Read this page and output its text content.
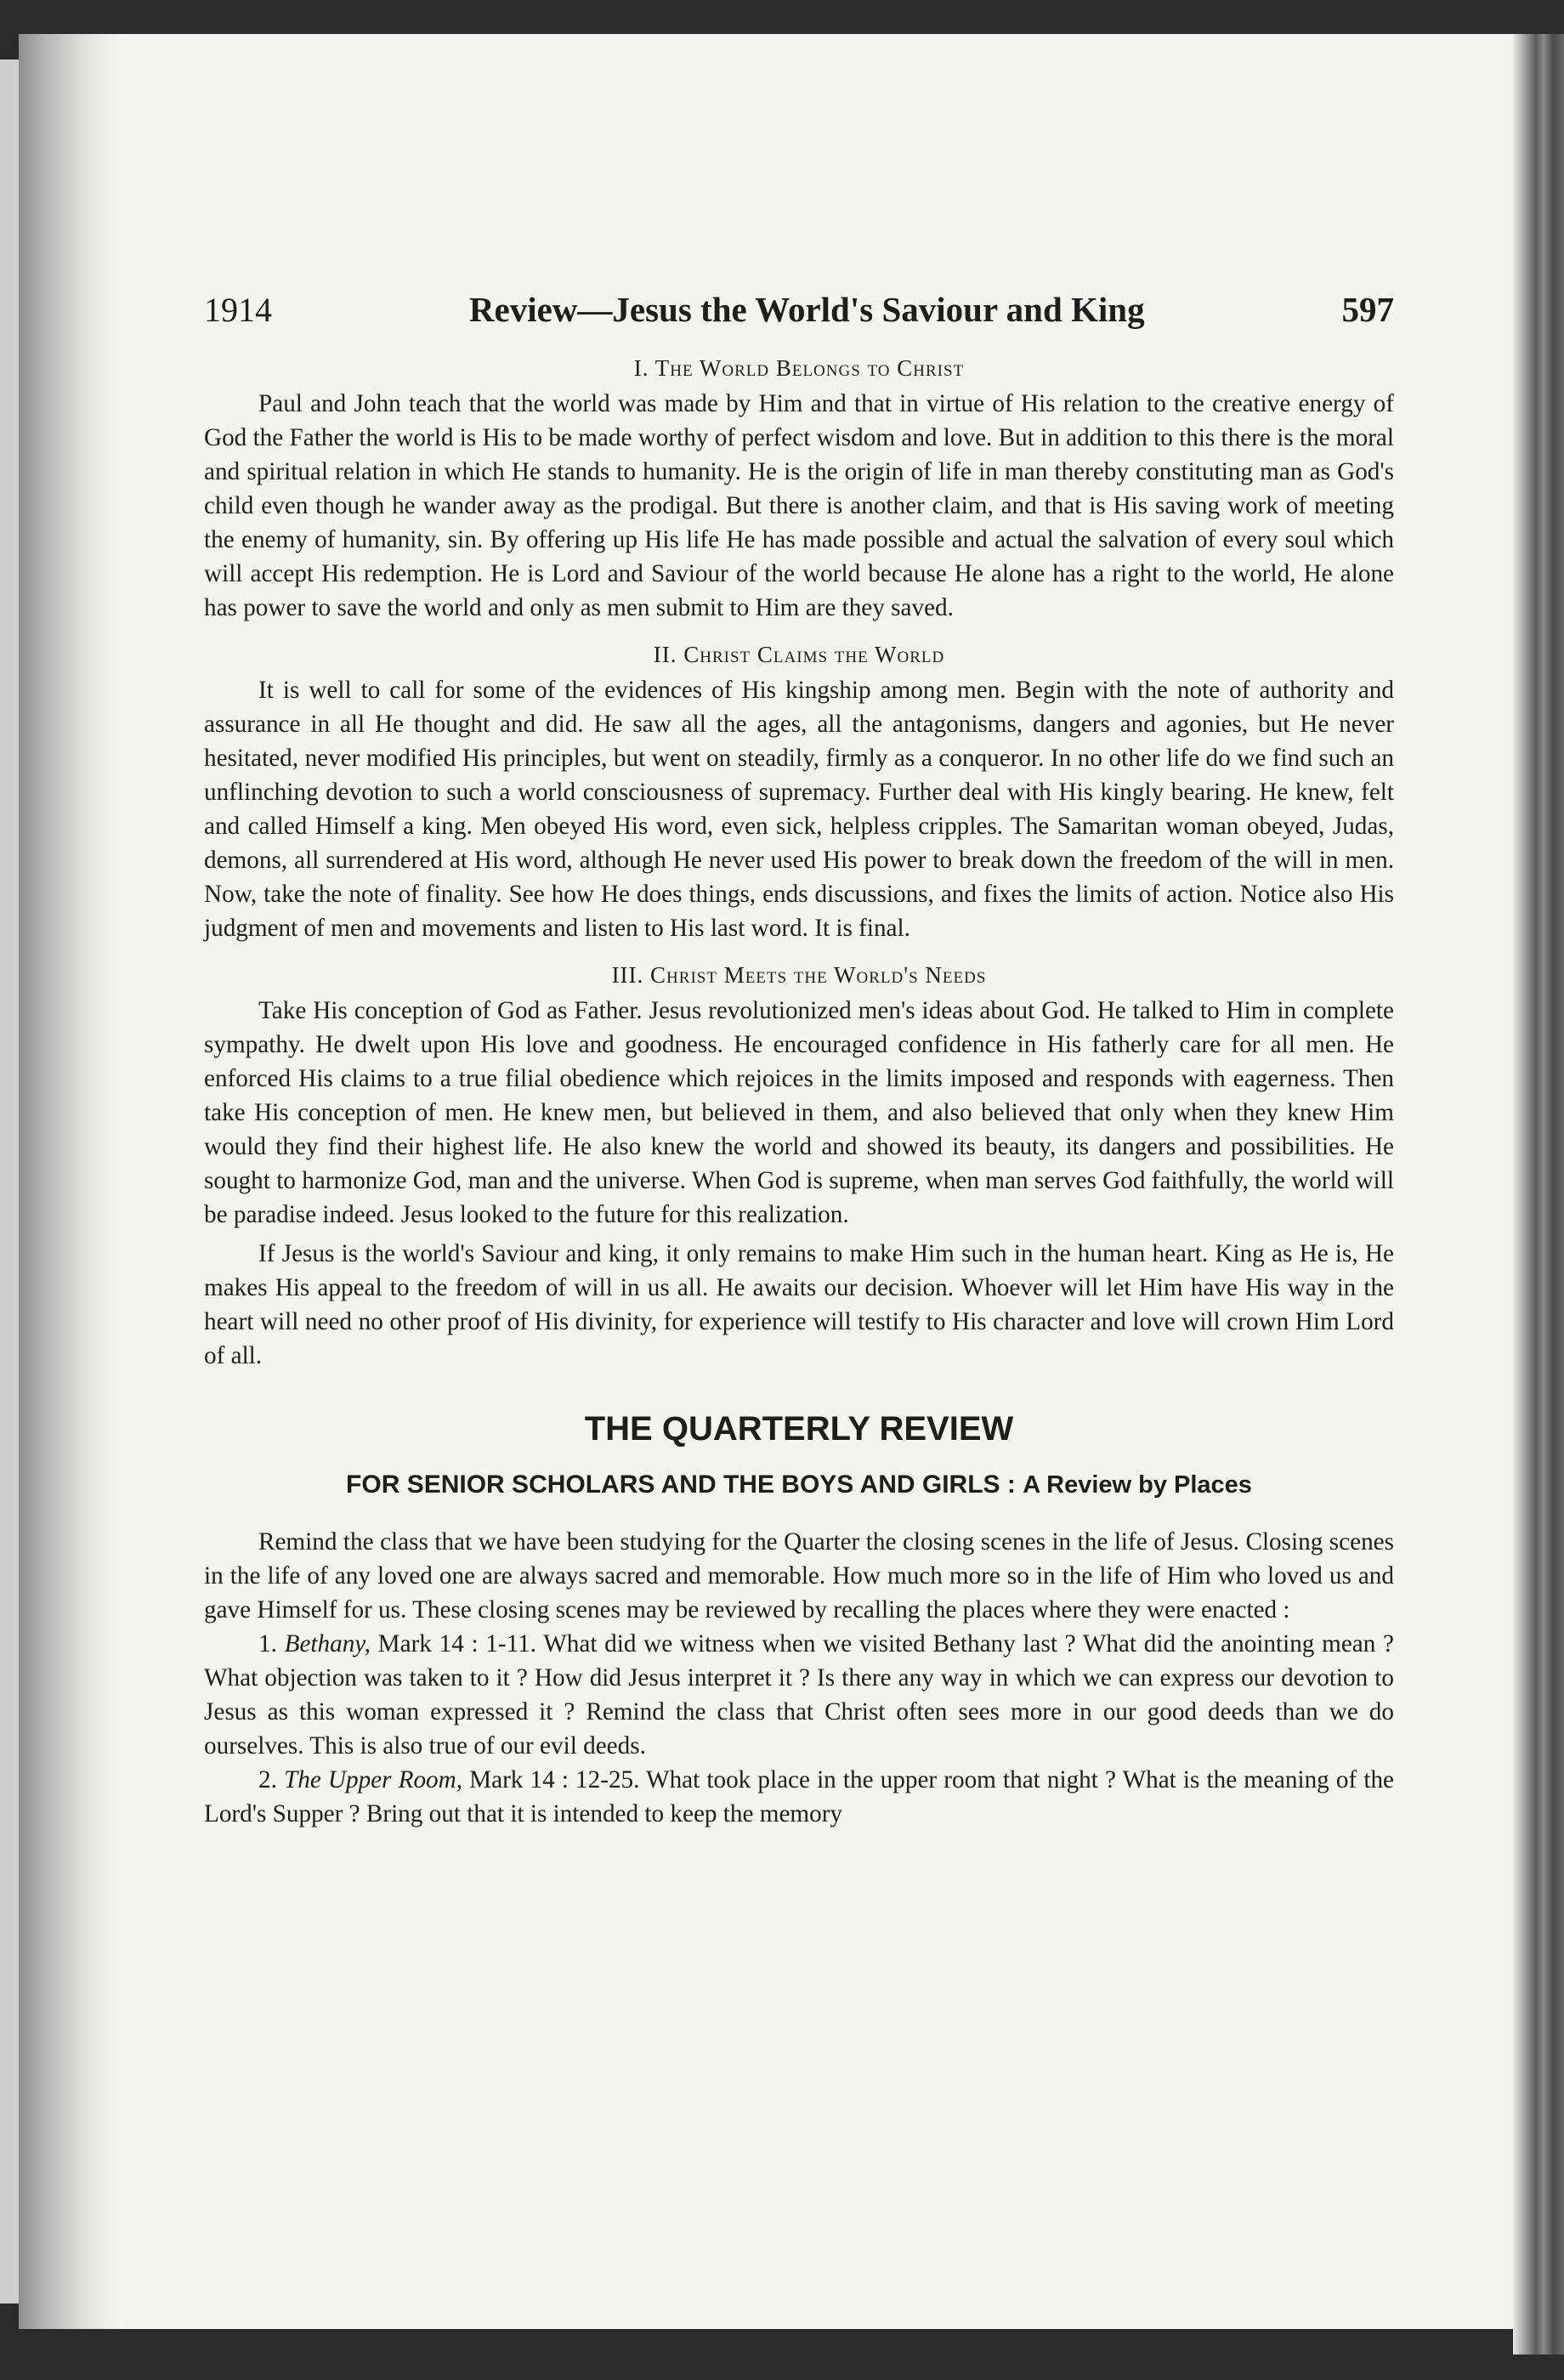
1914	Review—Jesus the World's Saviour and King	597
I. The World Belongs to Christ

Paul and John teach that the world was made by Him and that in virtue of His relation to the creative energy of God the Father the world is His to be made worthy of perfect wisdom and love. But in addition to this there is the moral and spiritual relation in which He stands to humanity. He is the origin of life in man thereby constituting man as God's child even though he wander away as the prodigal. But there is another claim, and that is His saving work of meeting the enemy of humanity, sin. By offering up His life He has made possible and actual the salvation of every soul which will accept His redemption. He is Lord and Saviour of the world because He alone has a right to the world, He alone has power to save the world and only as men submit to Him are they saved.

II. Christ Claims the World

It is well to call for some of the evidences of His kingship among men. Begin with the note of authority and assurance in all He thought and did. He saw all the ages, all the antagonisms, dangers and agonies, but He never hesitated, never modified His principles, but went on steadily, firmly as a conqueror. In no other life do we find such an unflinching devotion to such a world consciousness of supremacy. Further deal with His kingly bearing. He knew, felt and called Himself a king. Men obeyed His word, even sick, helpless cripples. The Samaritan woman obeyed, Judas, demons, all surrendered at His word, although He never used His power to break down the freedom of the will in men. Now, take the note of finality. See how He does things, ends discussions, and fixes the limits of action. Notice also His judgment of men and movements and listen to His last word. It is final.

III. Christ Meets the World's Needs

Take His conception of God as Father. Jesus revolutionized men's ideas about God. He talked to Him in complete sympathy. He dwelt upon His love and goodness. He encouraged confidence in His fatherly care for all men. He enforced His claims to a true filial obedience which rejoices in the limits imposed and responds with eagerness. Then take His conception of men. He knew men, but believed in them, and also believed that only when they knew Him would they find their highest life. He also knew the world and showed its beauty, its dangers and possibilities. He sought to harmonize God, man and the universe. When God is supreme, when man serves God faithfully, the world will be paradise indeed. Jesus looked to the future for this realization.

If Jesus is the world's Saviour and king, it only remains to make Him such in the human heart. King as He is, He makes His appeal to the freedom of will in us all. He awaits our decision. Whoever will let Him have His way in the heart will need no other proof of His divinity, for experience will testify to His character and love will crown Him Lord of all.

THE QUARTERLY REVIEW
FOR SENIOR SCHOLARS AND THE BOYS AND GIRLS : A Review by Places

Remind the class that we have been studying for the Quarter the closing scenes in the life of Jesus. Closing scenes in the life of any loved one are always sacred and memorable. How much more so in the life of Him who loved us and gave Himself for us. These closing scenes may be reviewed by recalling the places where they were enacted :

1. Bethany, Mark 14 : 1-11. What did we witness when we visited Bethany last ? What did the anointing mean ? What objection was taken to it ? How did Jesus interpret it ? Is there any way in which we can express our devotion to Jesus as this woman expressed it ? Remind the class that Christ often sees more in our good deeds than we do ourselves. This is also true of our evil deeds.

2. The Upper Room, Mark 14 : 12-25. What took place in the upper room that night ? What is the meaning of the Lord's Supper ? Bring out that it is intended to keep the memory
